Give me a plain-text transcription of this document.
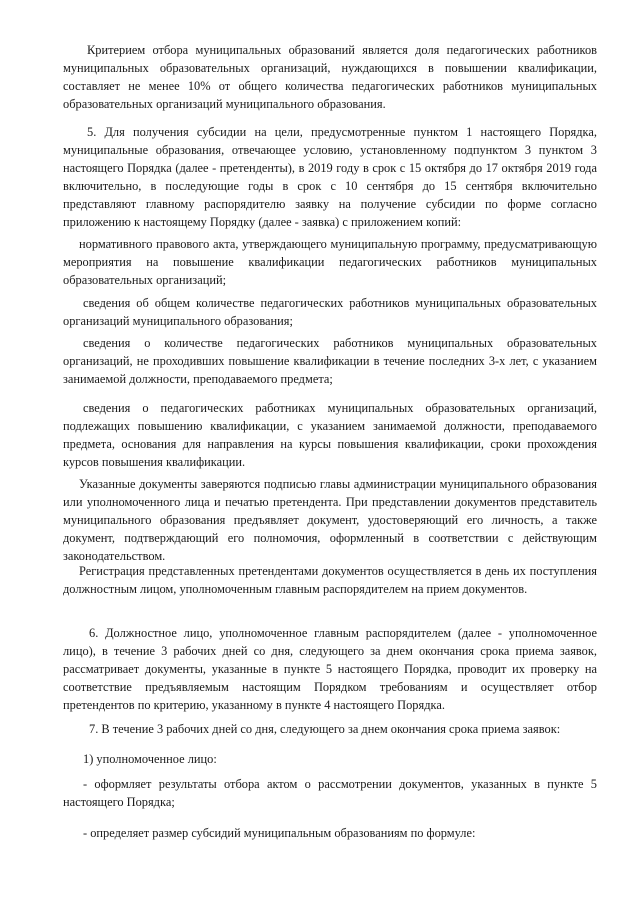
Критерием отбора муниципальных образований является доля педагогических работников муниципальных образовательных организаций, нуждающихся в повышении квалификации, составляет не менее 10% от общего количества педагогических работников муниципальных образовательных организаций муниципального образования.

5. Для получения субсидии на цели, предусмотренные пунктом 1 настоящего Порядка, муниципальные образования, отвечающее условию, установленному подпунктом 3 пунктом 3 настоящего Порядка (далее - претенденты), в 2019 году в срок с 15 октября до 17 октября 2019 года включительно, в последующие годы в срок с 10 сентября до 15 сентября включительно представляют главному распорядителю заявку на получение субсидии по форме согласно приложению к настоящему Порядку (далее - заявка) с приложением копий:

нормативного правового акта, утверждающего муниципальную программу, предусматривающую мероприятия на повышение квалификации педагогических работников муниципальных образовательных организаций;

сведения об общем количестве педагогических работников муниципальных образовательных организаций муниципального образования;

сведения о количестве педагогических работников муниципальных образовательных организаций, не проходивших повышение квалификации в течение последних 3-х лет, с указанием занимаемой должности, преподаваемого предмета;

сведения о педагогических работниках муниципальных образовательных организаций, подлежащих повышению квалификации, с указанием занимаемой должности, преподаваемого предмета, основания для направления на курсы повышения квалификации, сроки прохождения курсов повышения квалификации.

Указанные документы заверяются подписью главы администрации муниципального образования или уполномоченного лица и печатью претендента. При представлении документов представитель муниципального образования предъявляет документ, удостоверяющий его личность, а также документ, подтверждающий его полномочия, оформленный в соответствии с действующим законодательством.

Регистрация представленных претендентами документов осуществляется в день их поступления должностным лицом, уполномоченным главным распорядителем на прием документов.

6. Должностное лицо, уполномоченное главным распорядителем (далее - уполномоченное лицо), в течение 3 рабочих дней со дня, следующего за днем окончания срока приема заявок, рассматривает документы, указанные в пункте 5 настоящего Порядка, проводит их проверку на соответствие предъявляемым настоящим Порядком требованиям и осуществляет отбор претендентов по критерию, указанному в пункте 4 настоящего Порядка.

7. В течение 3 рабочих дней со дня, следующего за днем окончания срока приема заявок:

1) уполномоченное лицо:

- оформляет результаты отбора актом о рассмотрении документов, указанных в пункте 5 настоящего Порядка;

- определяет размер субсидий муниципальным образованиям по формуле:
